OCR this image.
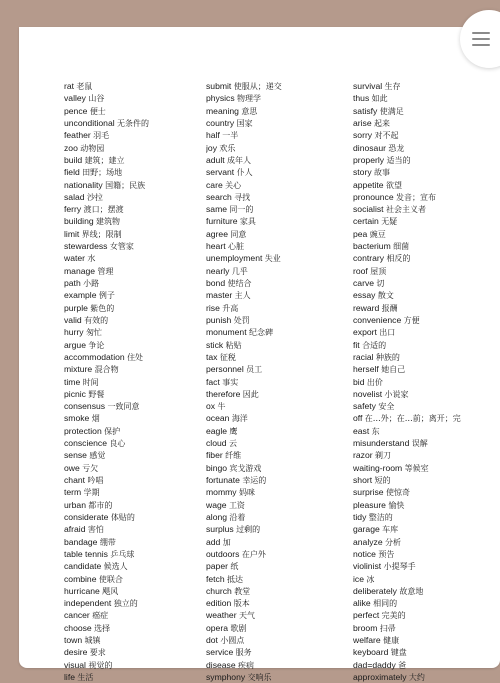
rat 老鼠
valley 山谷
pence 便士
unconditional 无条件的
feather 羽毛
zoo 动物园
build 建筑；建立
field 田野；场地
nationality 国籍；民族
salad 沙拉
ferry 渡口；摆渡
building 建筑物
limit 界线；限制
stewardess 女管家
water 水
manage 管理
path 小路
example 例子
purple 紫色的
valid 有效的
hurry 匆忙
argue 争论
accommodation 住处
mixture 混合物
time 时间
picnic 野餐
consensus 一致同意
smoke 烟
protection 保护
conscience 良心
sense 感觉
owe 亏欠
chant 吟唱
term 学期
urban 都市的
considerate 体贴的
afraid 害怕
bandage 绷带
table tennis 乒乓球
candidate 候选人
combine 使联合
hurricane 飓风
independent 独立的
cancer 癌症
choose 选择
town 城镇
desire 要求
visual 视觉的
life 生活
submit 使服从；递交
physics 物理学
meaning 意思
country 国家
half 一半
joy 欢乐
adult 成年人
servant 仆人
care 关心
search 寻找
same 同一的
furniture 家具
agree 同意
heart 心脏
unemployment 失业
nearly 几乎
bond 使结合
master 主人
rise 升高
punish 处罚
monument 纪念碑
stick 粘贴
tax 征税
personnel 员工
fact 事实
therefore 因此
ox 牛
ocean 海洋
eagle 鹰
cloud 云
fiber 纤维
bingo 宾戈游戏
fortunate 幸运的
mommy 妈咪
wage 工资
along 沿着
surplus 过剩的
add 加
outdoors 在户外
paper 纸
fetch 抵达
church 教堂
edition 版本
weather 天气
opera 歌剧
dot 小圆点
service 服务
disease 疾病
symphony 交响乐
survival 生存
thus 如此
satisfy 使满足
arise 起来
sorry 对不起
dinosaur 恐龙
properly 适当的
story 故事
appetite 欲望
pronounce 发音；宣布
socialist 社会主义者
certain 无疑
pea 豌豆
bacterium 细菌
contrary 相反的
roof 屋顶
carve 切
essay 散文
reward 报酬
convenience 方便
export 出口
fit 合适的
racial 种族的
herself 她自己
bid 出价
novelist 小说家
safety 安全
off 在…外；在…前；离开；完
east 东
misunderstand 误解
razor 剃刀
waiting-room 等候室
short 短的
surprise 使惊奇
pleasure 愉快
tidy 整洁的
garage 车库
analyze 分析
notice 预告
violinist 小提琴手
ice 冰
deliberately 故意地
alike 相同的
perfect 完美的
broom 扫帚
welfare 健康
keyboard 键盘
dad=daddy 爸
approximately 大约
